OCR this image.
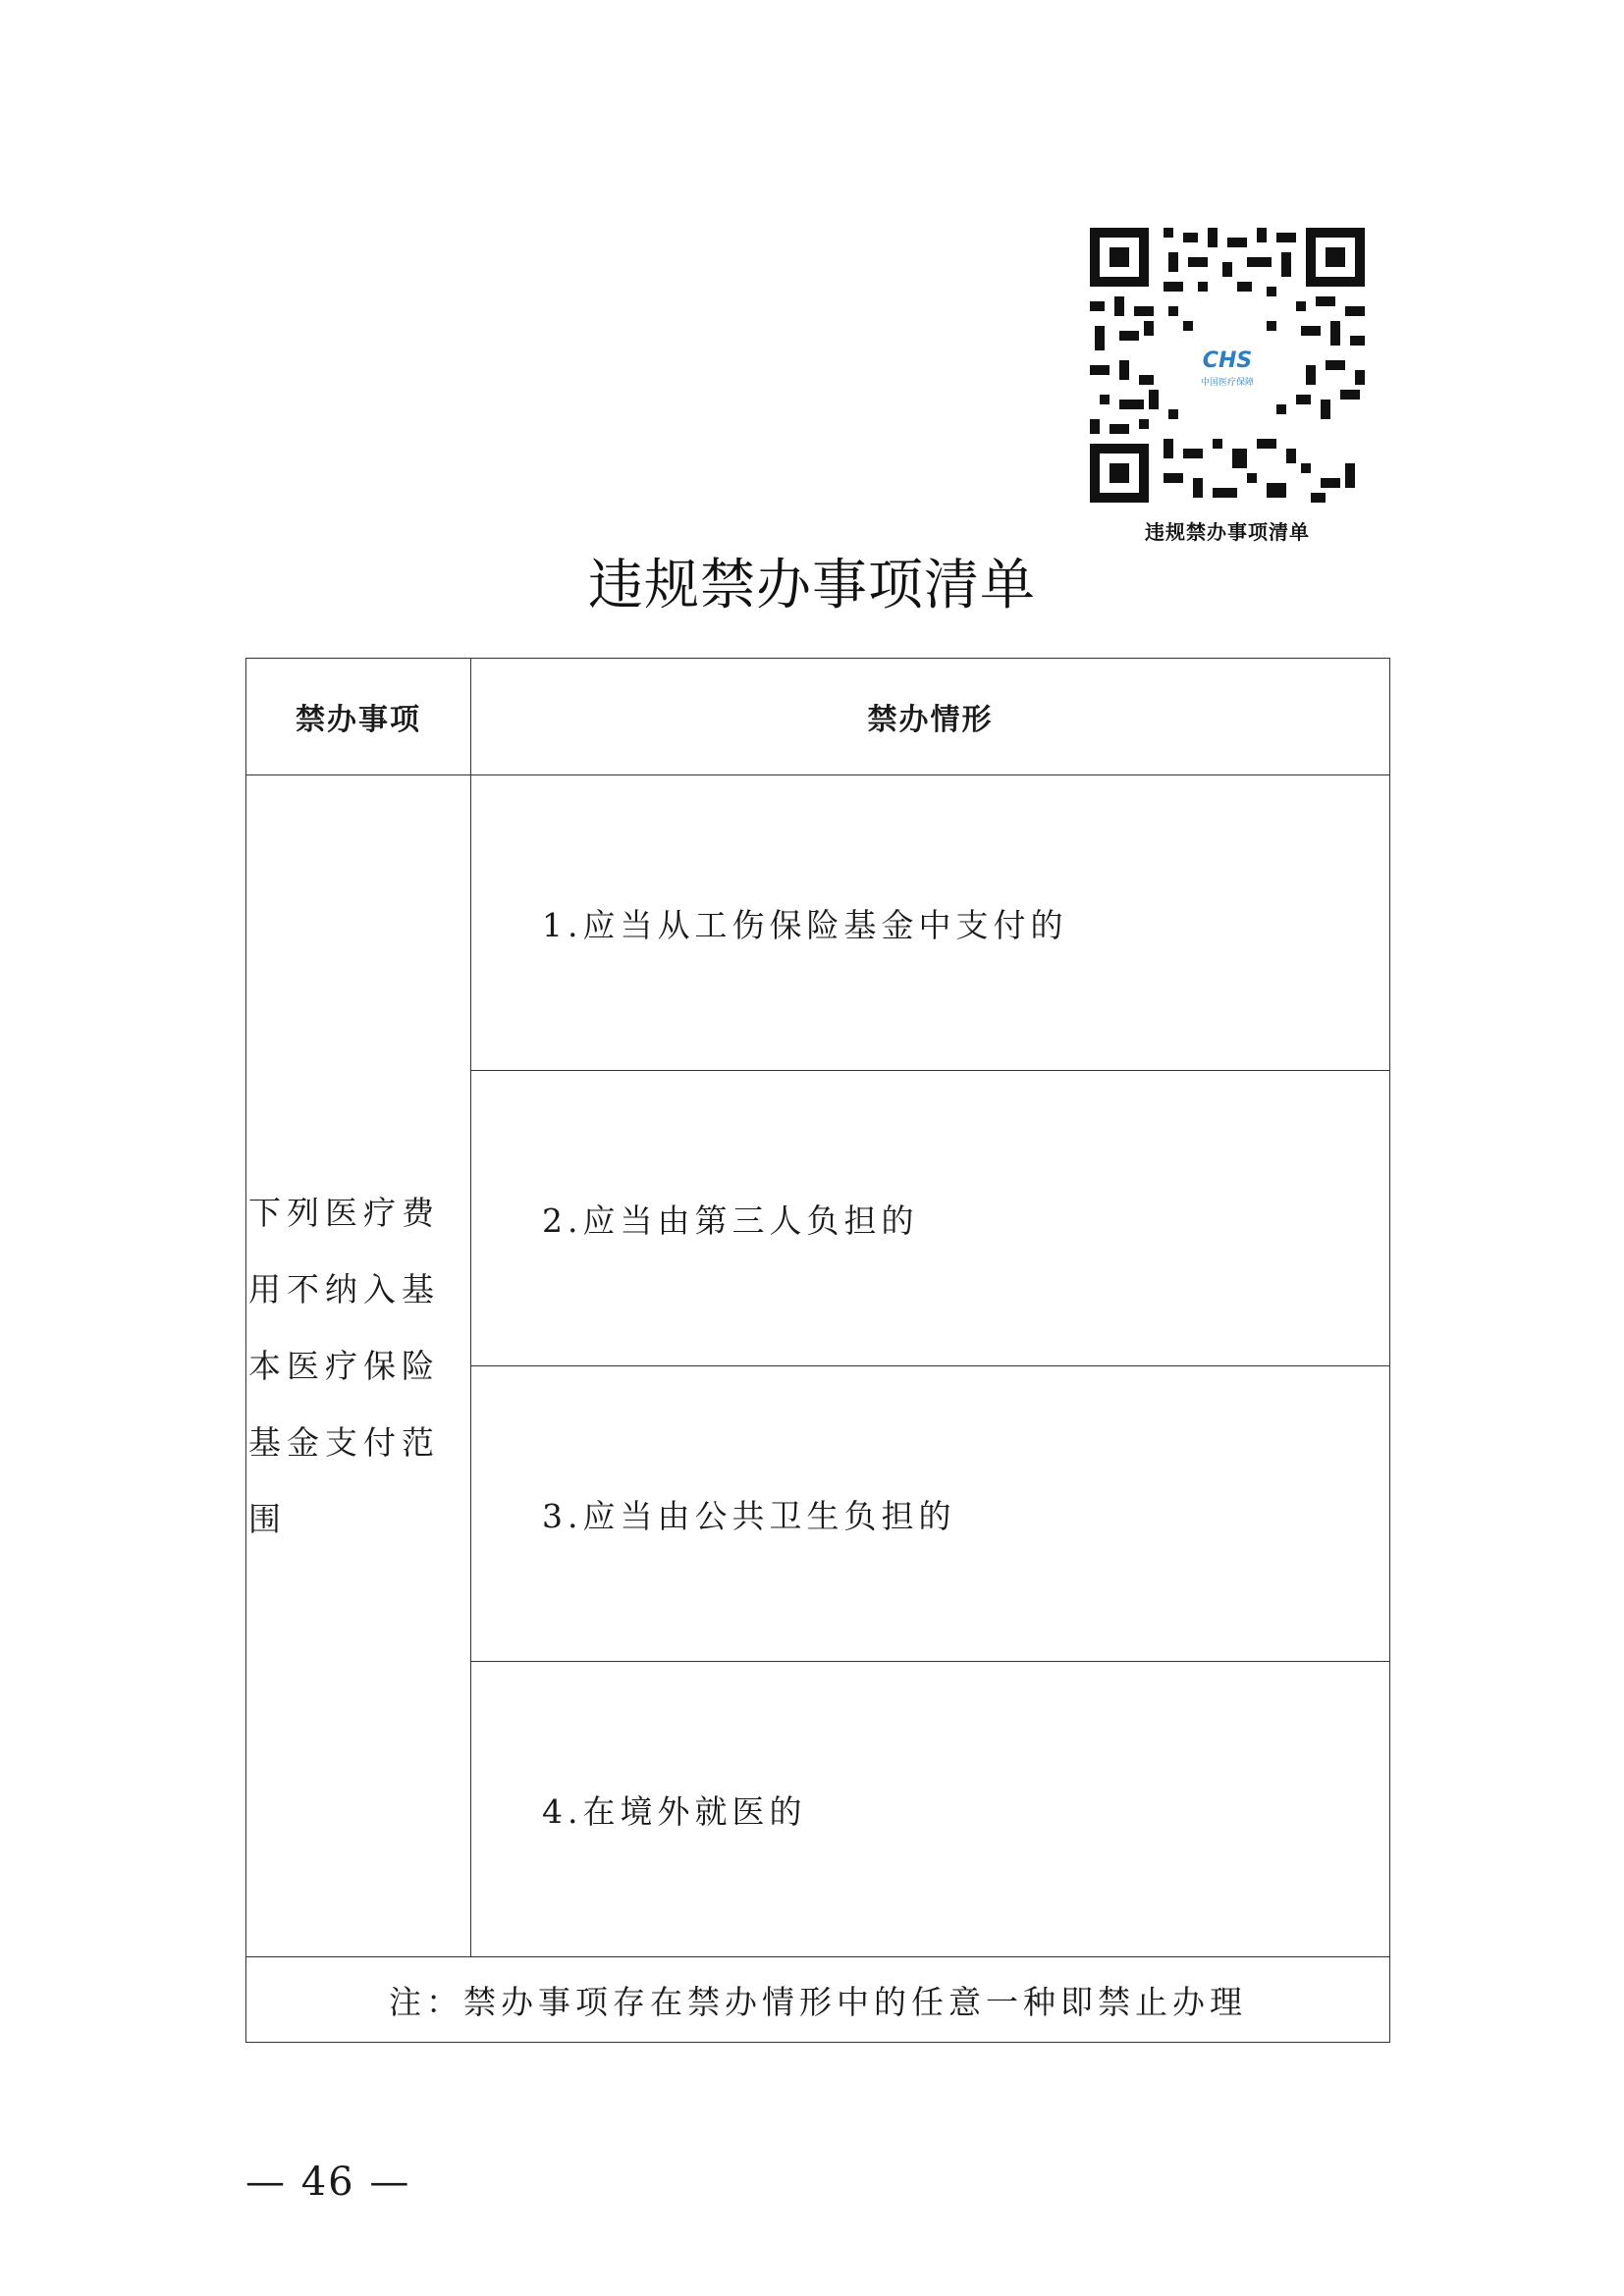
CHS
中国医疗保障
违规禁办事项清单
违规禁办事项清单
禁办事项	禁办情形
下列医疗费用不纳入基本医疗保险基金支付范围	1.应当从工伤保险基金中支付的
	2.应当由第三人负担的
	3.应当由公共卫生负担的
	4.在境外就医的
注：禁办事项存在禁办情形中的任意一种即禁止办理	
— 46 —
